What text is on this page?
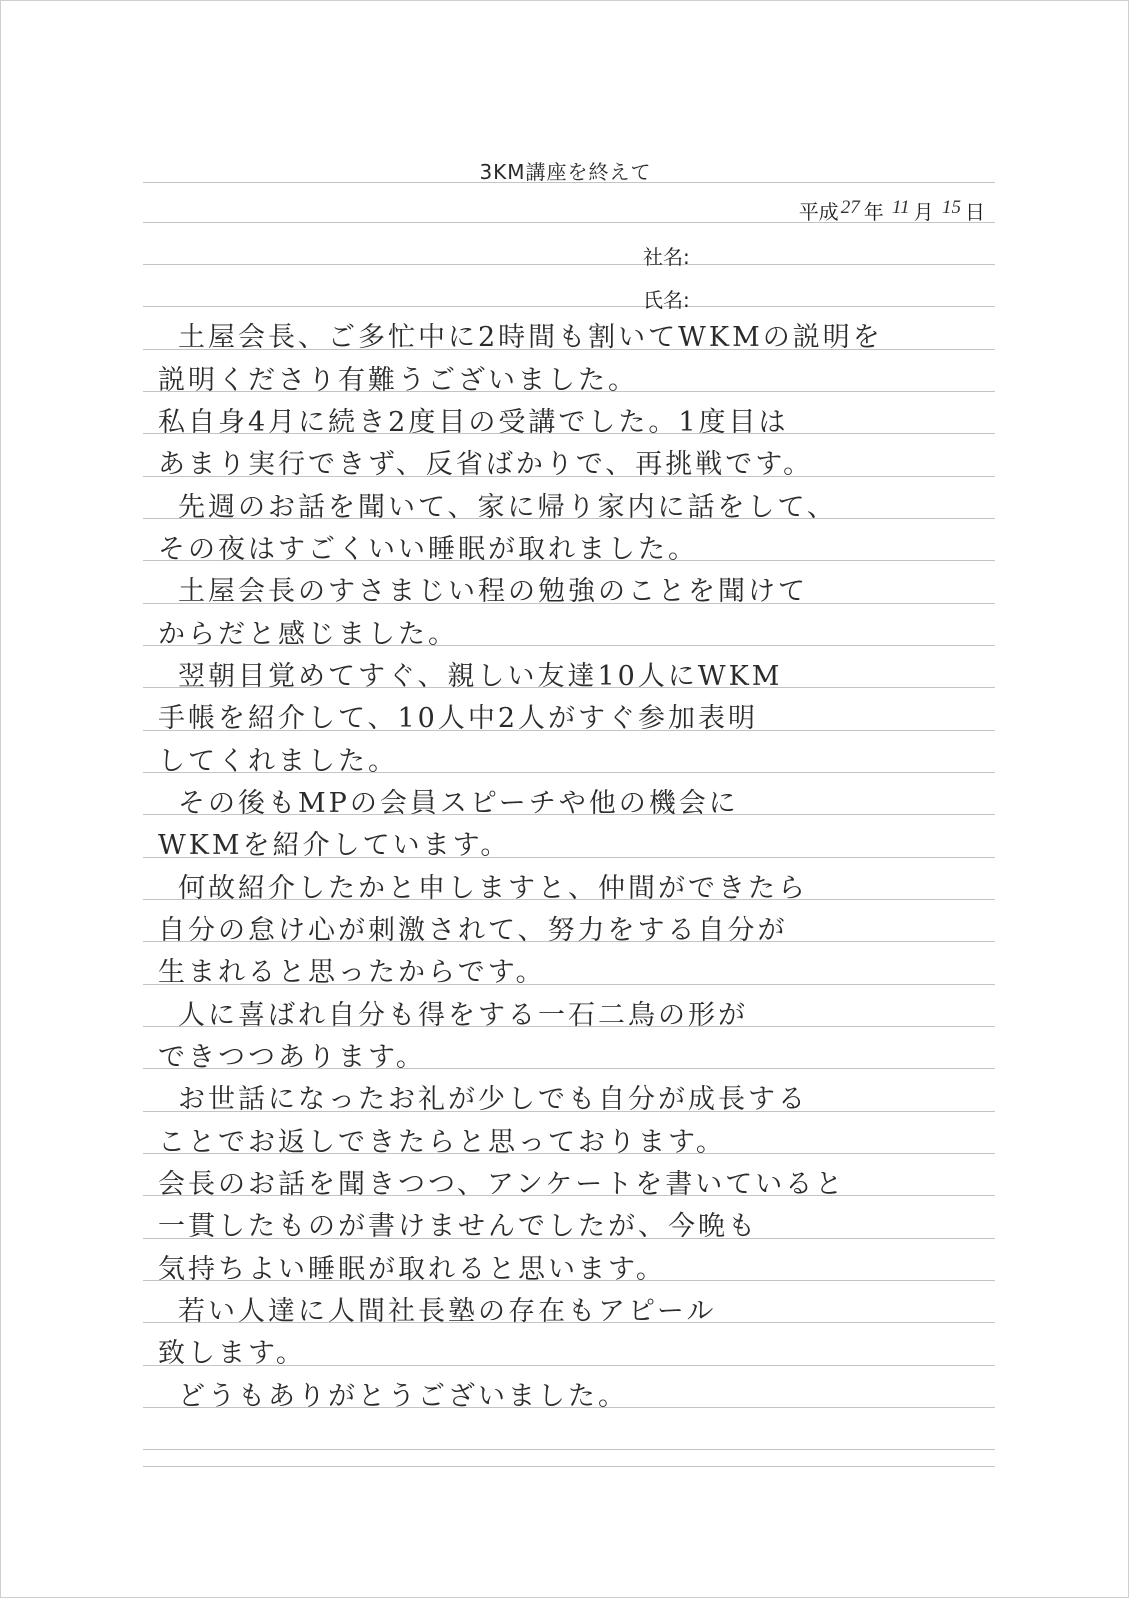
3KM講座を終えて
平成 27 年 11 月 15 日
社名:
氏名:
土屋会長、ご多忙中に2時間も割いてWKMの説明を
説明くださり有難うございました。
私自身4月に続き2度目の受講でした。1度目は
あまり実行できず、反省ばかりで、再挑戦です。
先週のお話を聞いて、家に帰り家内に話をして、
その夜はすごくいい睡眠が取れました。
土屋会長のすさまじい程の勉強のことを聞けて
からだと感じました。
翌朝目覚めてすぐ、親しい友達10人にWKM
手帳を紹介して、10人中2人がすぐ参加表明
してくれました。
その後もMPの会員スピーチや他の機会に
WKMを紹介しています。
何故紹介したかと申しますと、仲間ができたら
自分の怠け心が刺激されて、努力をする自分が
生まれると思ったからです。
人に喜ばれ自分も得をする一石二鳥の形が
できつつあります。
お世話になったお礼が少しでも自分が成長する
ことでお返しできたらと思っております。
会長のお話を聞きつつ、アンケートを書いていると
一貫したものが書けませんでしたが、今晩も
気持ちよい睡眠が取れると思います。
若い人達に人間社長塾の存在もアピール
致します。
どうもありがとうございました。
